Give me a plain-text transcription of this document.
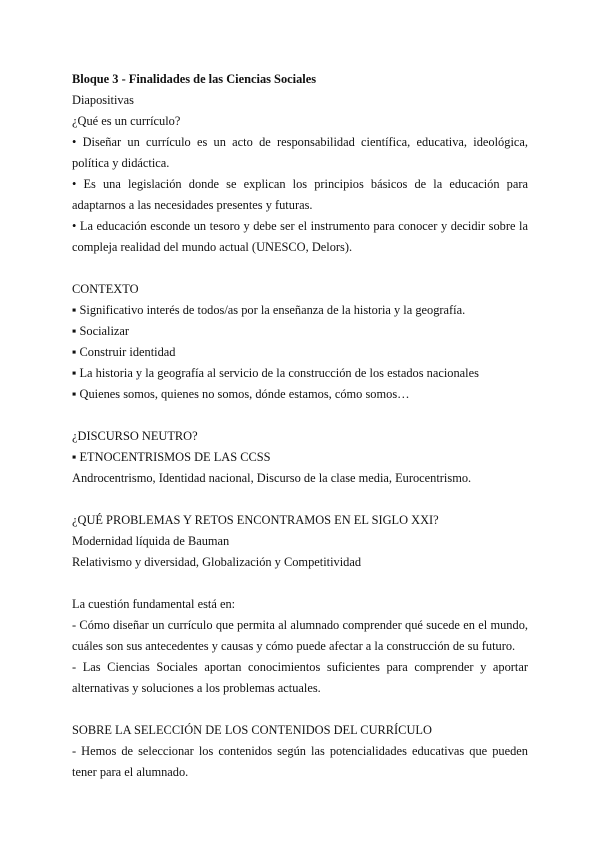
Bloque 3 - Finalidades de las Ciencias Sociales
Diapositivas
¿Qué es un currículo?
• Diseñar un currículo es un acto de responsabilidad científica, educativa, ideológica, política y didáctica.
• Es una legislación donde se explican los principios básicos de la educación para adaptarnos a las necesidades presentes y futuras.
• La educación esconde un tesoro y debe ser el instrumento para conocer y decidir sobre la compleja realidad del mundo actual (UNESCO, Delors).
CONTEXTO
▪ Significativo interés de todos/as por la enseñanza de la historia y la geografía.
▪ Socializar
▪ Construir identidad
▪ La historia y la geografía al servicio de la construcción de los estados nacionales
▪ Quienes somos, quienes no somos, dónde estamos, cómo somos…
¿DISCURSO NEUTRO?
▪ ETNOCENTRISMOS DE LAS CCSS
Androcentrismo, Identidad nacional, Discurso de la clase media, Eurocentrismo.
¿QUÉ PROBLEMAS Y RETOS ENCONTRAMOS EN EL SIGLO XXI?
Modernidad líquida de Bauman
Relativismo y diversidad, Globalización y Competitividad
La cuestión fundamental está en:
- Cómo diseñar un currículo que permita al alumnado comprender qué sucede en el mundo, cuáles son sus antecedentes y causas y cómo puede afectar a la construcción de su futuro.
- Las Ciencias Sociales aportan conocimientos suficientes para comprender y aportar alternativas y soluciones a los problemas actuales.
SOBRE LA SELECCIÓN DE LOS CONTENIDOS DEL CURRÍCULO
- Hemos de seleccionar los contenidos según las potencialidades educativas que pueden tener para el alumnado.
